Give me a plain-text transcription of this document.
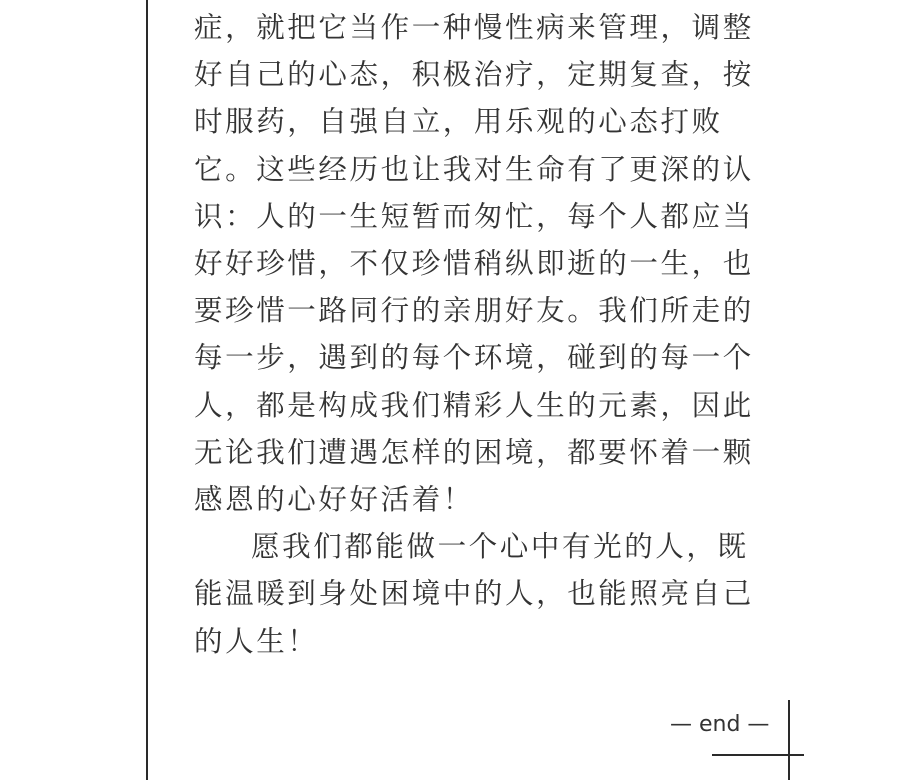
症，就把它当作一种慢性病来管理，调整好自己的心态，积极治疗，定期复查，按时服药，自强自立，用乐观的心态打败它。这些经历也让我对生命有了更深的认识：人的一生短暂而匆忙，每个人都应当好好珍惜，不仅珍惜稍纵即逝的一生，也要珍惜一路同行的亲朋好友。我们所走的每一步，遇到的每个环境，碰到的每一个人，都是构成我们精彩人生的元素，因此无论我们遭遇怎样的困境，都要怀着一颗感恩的心好好活着！

愿我们都能做一个心中有光的人，既能温暖到身处困境中的人，也能照亮自己的人生！

— end —
